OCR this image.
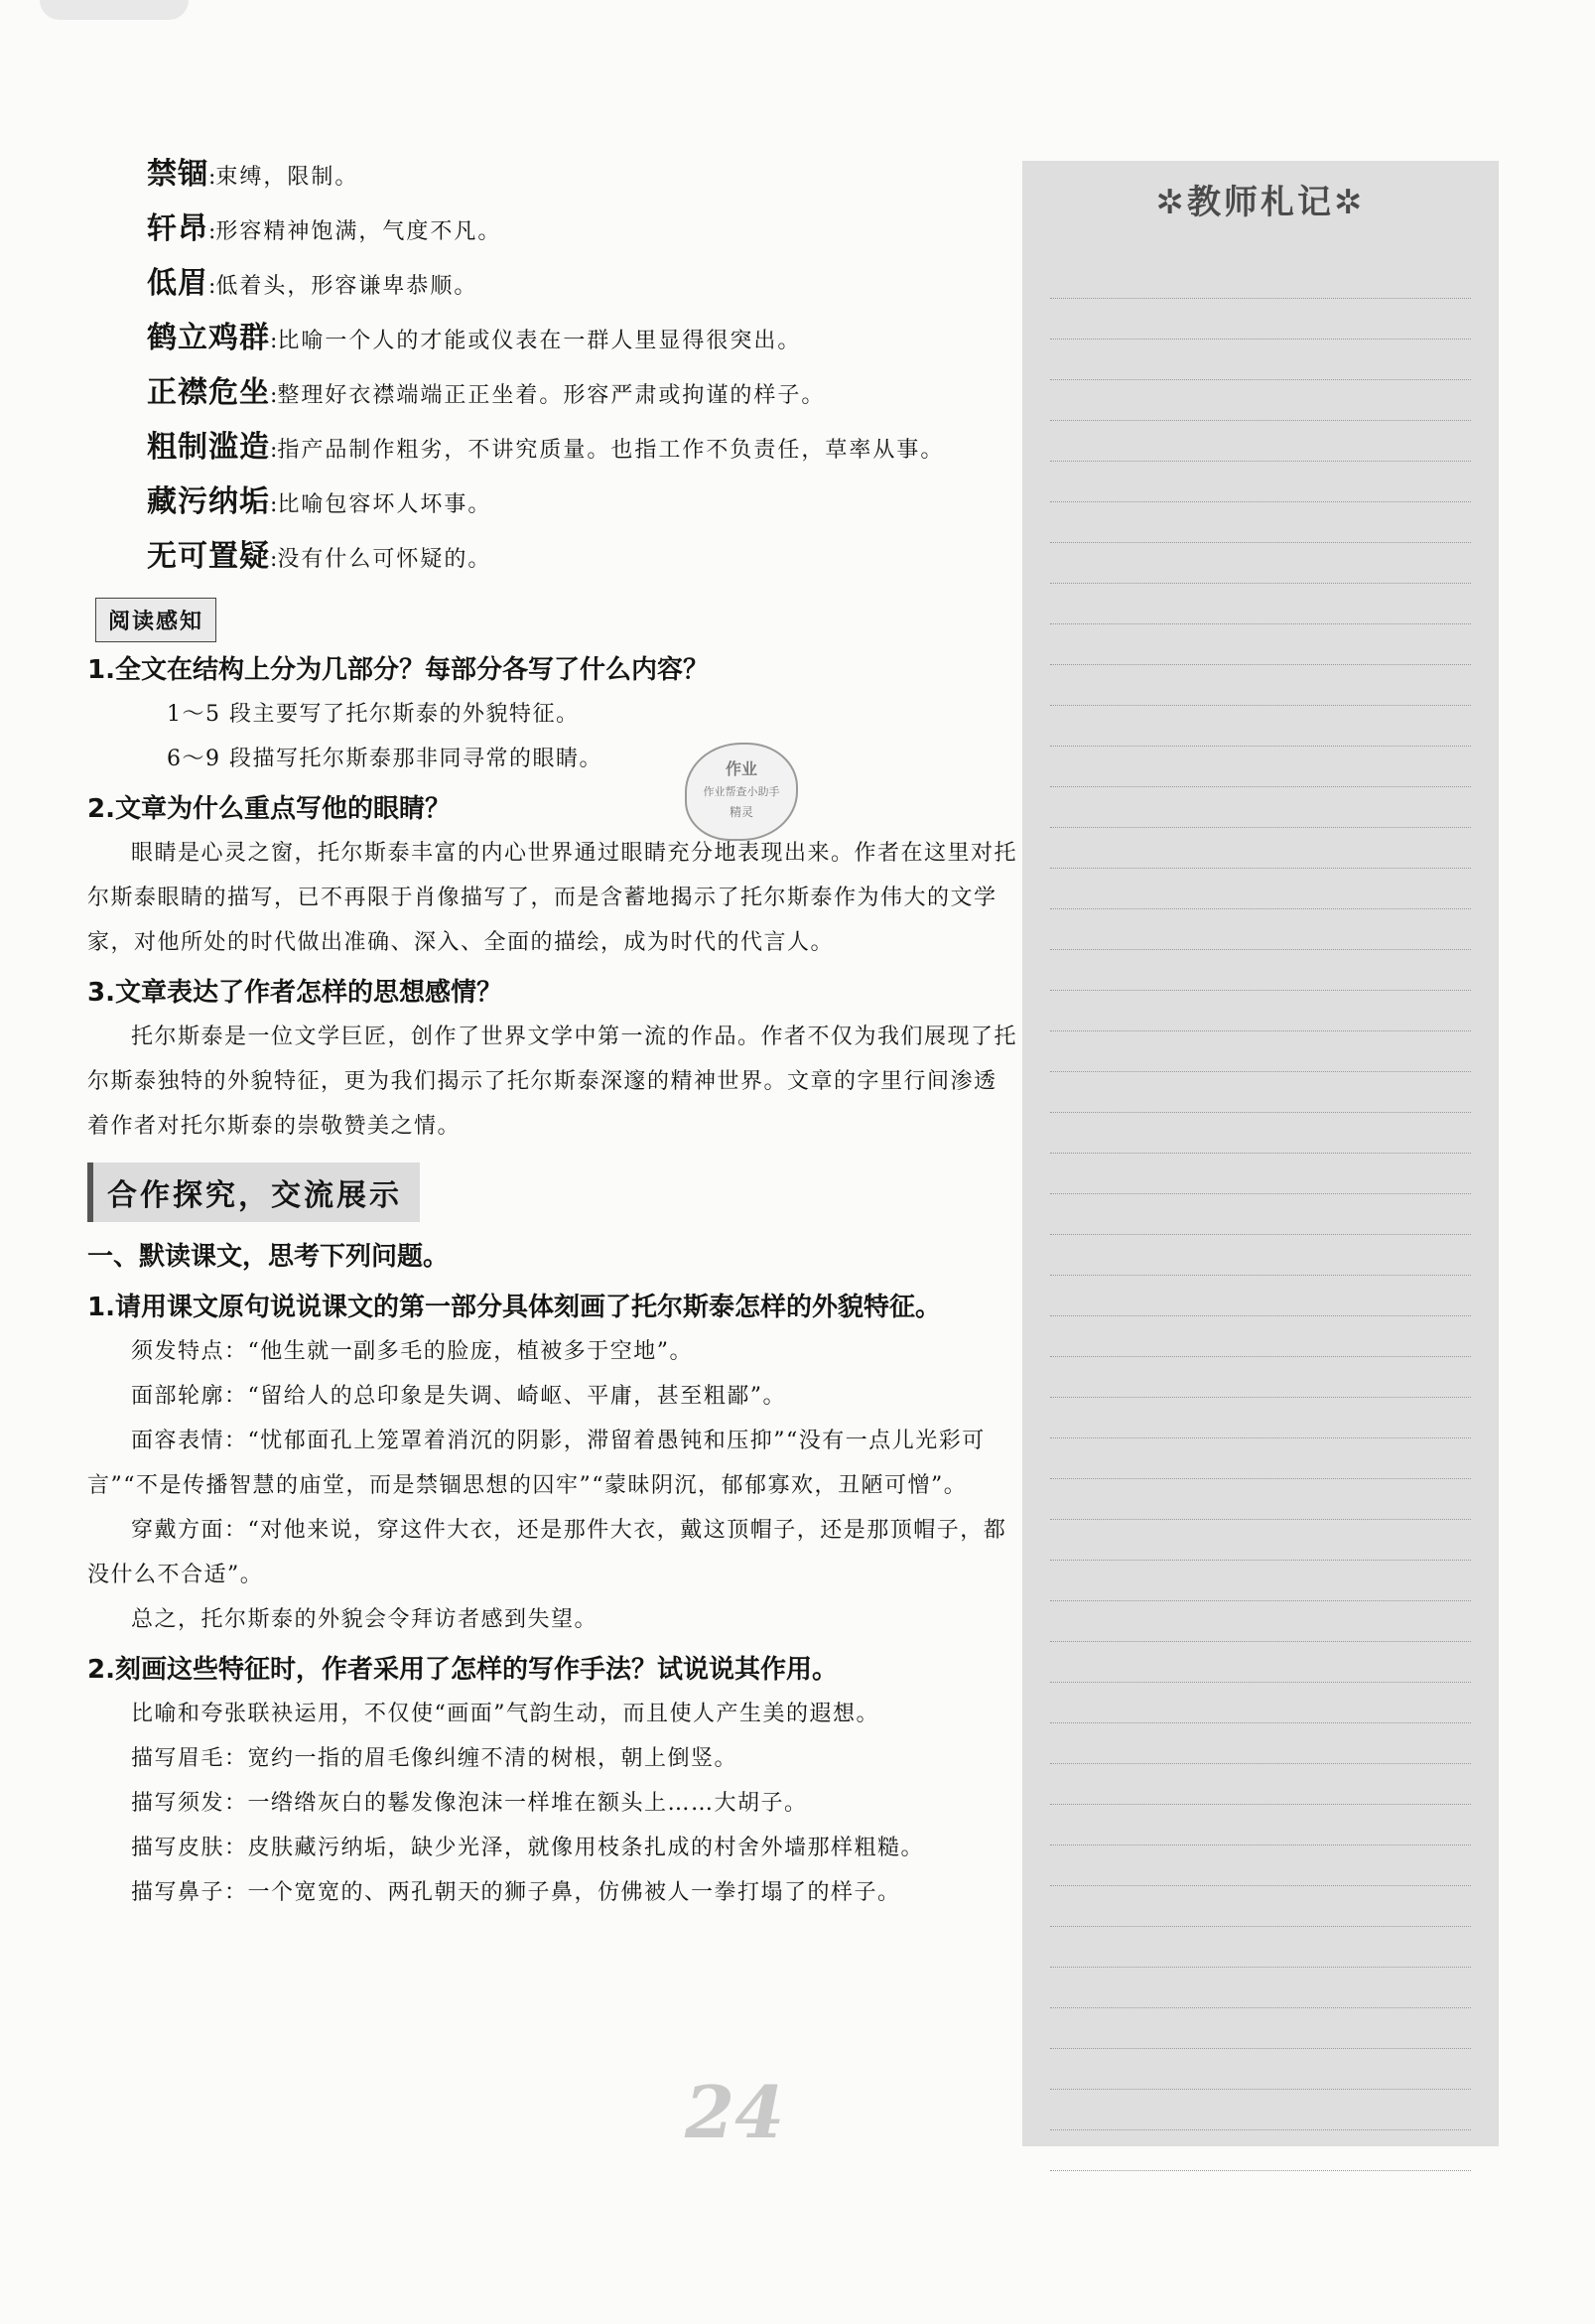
禁锢:束缚，限制。
轩昂:形容精神饱满，气度不凡。
低眉:低着头，形容谦卑恭顺。
鹤立鸡群:比喻一个人的才能或仪表在一群人里显得很突出。
正襟危坐:整理好衣襟端端正正坐着。形容严肃或拘谨的样子。
粗制滥造:指产品制作粗劣，不讲究质量。也指工作不负责任，草率从事。
藏污纳垢:比喻包容坏人坏事。
无可置疑:没有什么可怀疑的。
阅读感知
1.全文在结构上分为几部分？每部分各写了什么内容？
1～5 段主要写了托尔斯泰的外貌特征。
6～9 段描写托尔斯泰那非同寻常的眼睛。
2.文章为什么重点写他的眼睛？
眼睛是心灵之窗，托尔斯泰丰富的内心世界通过眼睛充分地表现出来。作者在这里对托尔斯泰眼睛的描写，已不再限于肖像描写了，而是含蓄地揭示了托尔斯泰作为伟大的文学家，对他所处的时代做出准确、深入、全面的描绘，成为时代的代言人。
3.文章表达了作者怎样的思想感情？
托尔斯泰是一位文学巨匠，创作了世界文学中第一流的作品。作者不仅为我们展现了托尔斯泰独特的外貌特征，更为我们揭示了托尔斯泰深邃的精神世界。文章的字里行间渗透着作者对托尔斯泰的崇敬赞美之情。
合作探究，交流展示
一、默读课文，思考下列问题。
1.请用课文原句说说课文的第一部分具体刻画了托尔斯泰怎样的外貌特征。
须发特点：“他生就一副多毛的脸庞，植被多于空地”。
面部轮廓：“留给人的总印象是失调、崎岖、平庸，甚至粗鄙”。
面容表情：“忧郁面孔上笼罩着消沉的阴影，滞留着愚钝和压抑”“没有一点儿光彩可言”“不是传播智慧的庙堂，而是禁锢思想的囚牢”“蒙昧阴沉，郁郁寡欢，丑陋可憎”。
穿戴方面：“对他来说，穿这件大衣，还是那件大衣，戴这顶帽子，还是那顶帽子，都没什么不合适”。
总之，托尔斯泰的外貌会令拜访者感到失望。
2.刻画这些特征时，作者采用了怎样的写作手法？试说说其作用。
比喻和夸张联袂运用，不仅使“画面”气韵生动，而且使人产生美的遐想。
描写眉毛：宽约一指的眉毛像纠缠不清的树根，朝上倒竖。
描写须发：一绺绺灰白的鬈发像泡沫一样堆在额头上……大胡子。
描写皮肤：皮肤藏污纳垢，缺少光泽，就像用枝条扎成的村舍外墙那样粗糙。
描写鼻子：一个宽宽的、两孔朝天的狮子鼻，仿佛被人一拳打塌了的样子。
作业
作业帮查小助手
精灵
✲教师札记✲
24
